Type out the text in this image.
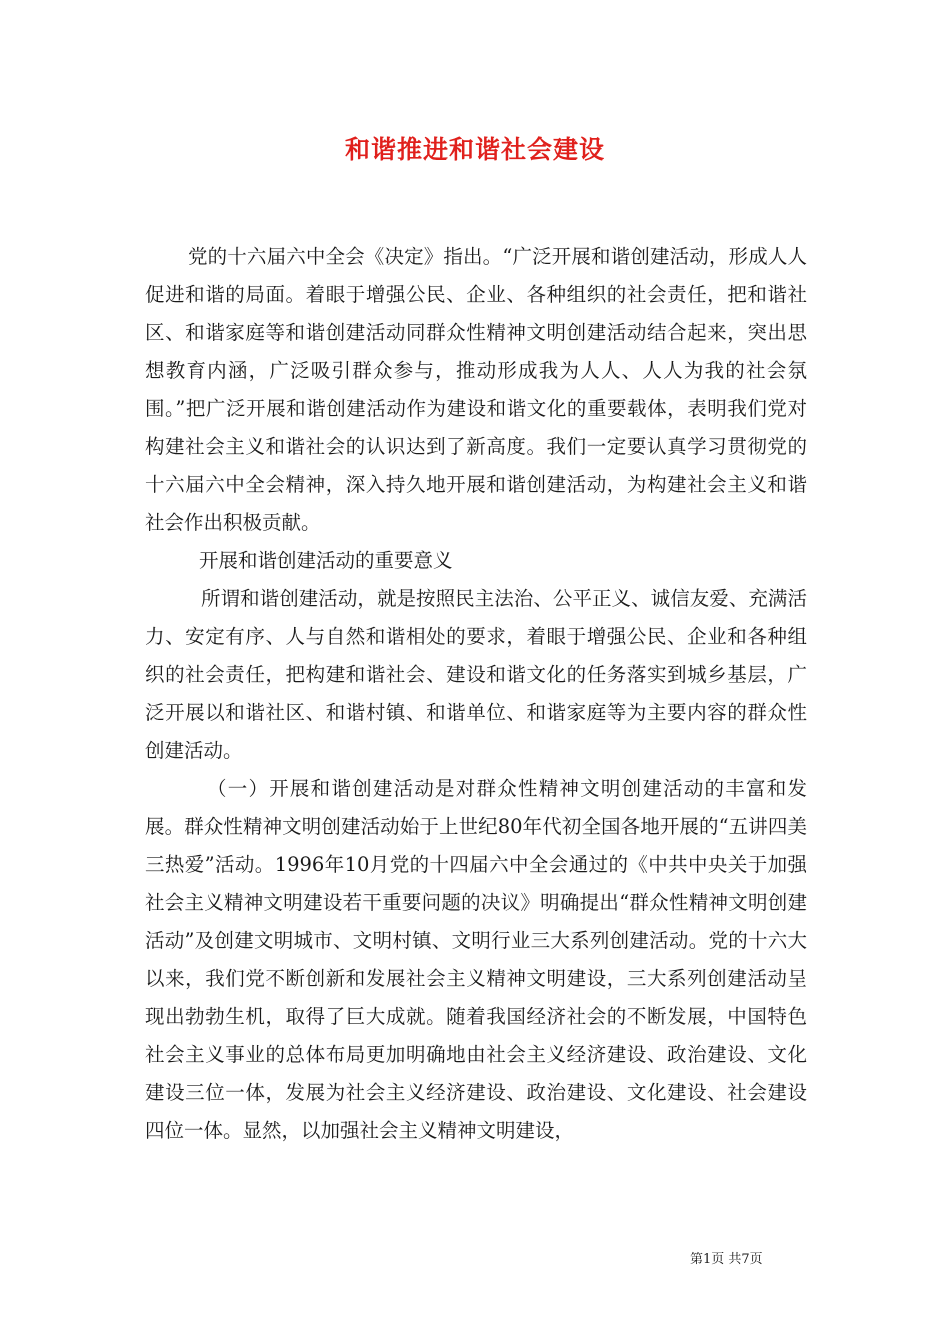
和谐推进和谐社会建设

党的十六届六中全会《决定》指出。“广泛开展和谐创建活动，形成人人促进和谐的局面。着眼于增强公民、企业、各种组织的社会责任，把和谐社区、和谐家庭等和谐创建活动同群众性精神文明创建活动结合起来，突出思想教育内涵，广泛吸引群众参与，推动形成我为人人、人人为我的社会氛围。”把广泛开展和谐创建活动作为建设和谐文化的重要载体，表明我们党对构建社会主义和谐社会的认识达到了新高度。我们一定要认真学习贯彻党的十六届六中全会精神，深入持久地开展和谐创建活动，为构建社会主义和谐社会作出积极贡献。

开展和谐创建活动的重要意义

所谓和谐创建活动，就是按照民主法治、公平正义、诚信友爱、充满活力、安定有序、人与自然和谐相处的要求，着眼于增强公民、企业和各种组织的社会责任，把构建和谐社会、建设和谐文化的任务落实到城乡基层，广泛开展以和谐社区、和谐村镇、和谐单位、和谐家庭等为主要内容的群众性创建活动。

（一）开展和谐创建活动是对群众性精神文明创建活动的丰富和发展。群众性精神文明创建活动始于上世纪80年代初全国各地开展的“五讲四美三热爱”活动。1996年10月党的十四届六中全会通过的《中共中央关于加强社会主义精神文明建设若干重要问题的决议》明确提出“群众性精神文明创建活动”及创建文明城市、文明村镇、文明行业三大系列创建活动。党的十六大以来，我们党不断创新和发展社会主义精神文明建设，三大系列创建活动呈现出勃勃生机，取得了巨大成就。随着我国经济社会的不断发展，中国特色社会主义事业的总体布局更加明确地由社会主义经济建设、政治建设、文化建设三位一体，发展为社会主义经济建设、政治建设、文化建设、社会建设四位一体。显然，以加强社会主义精神文明建设，

第1页 共7页
